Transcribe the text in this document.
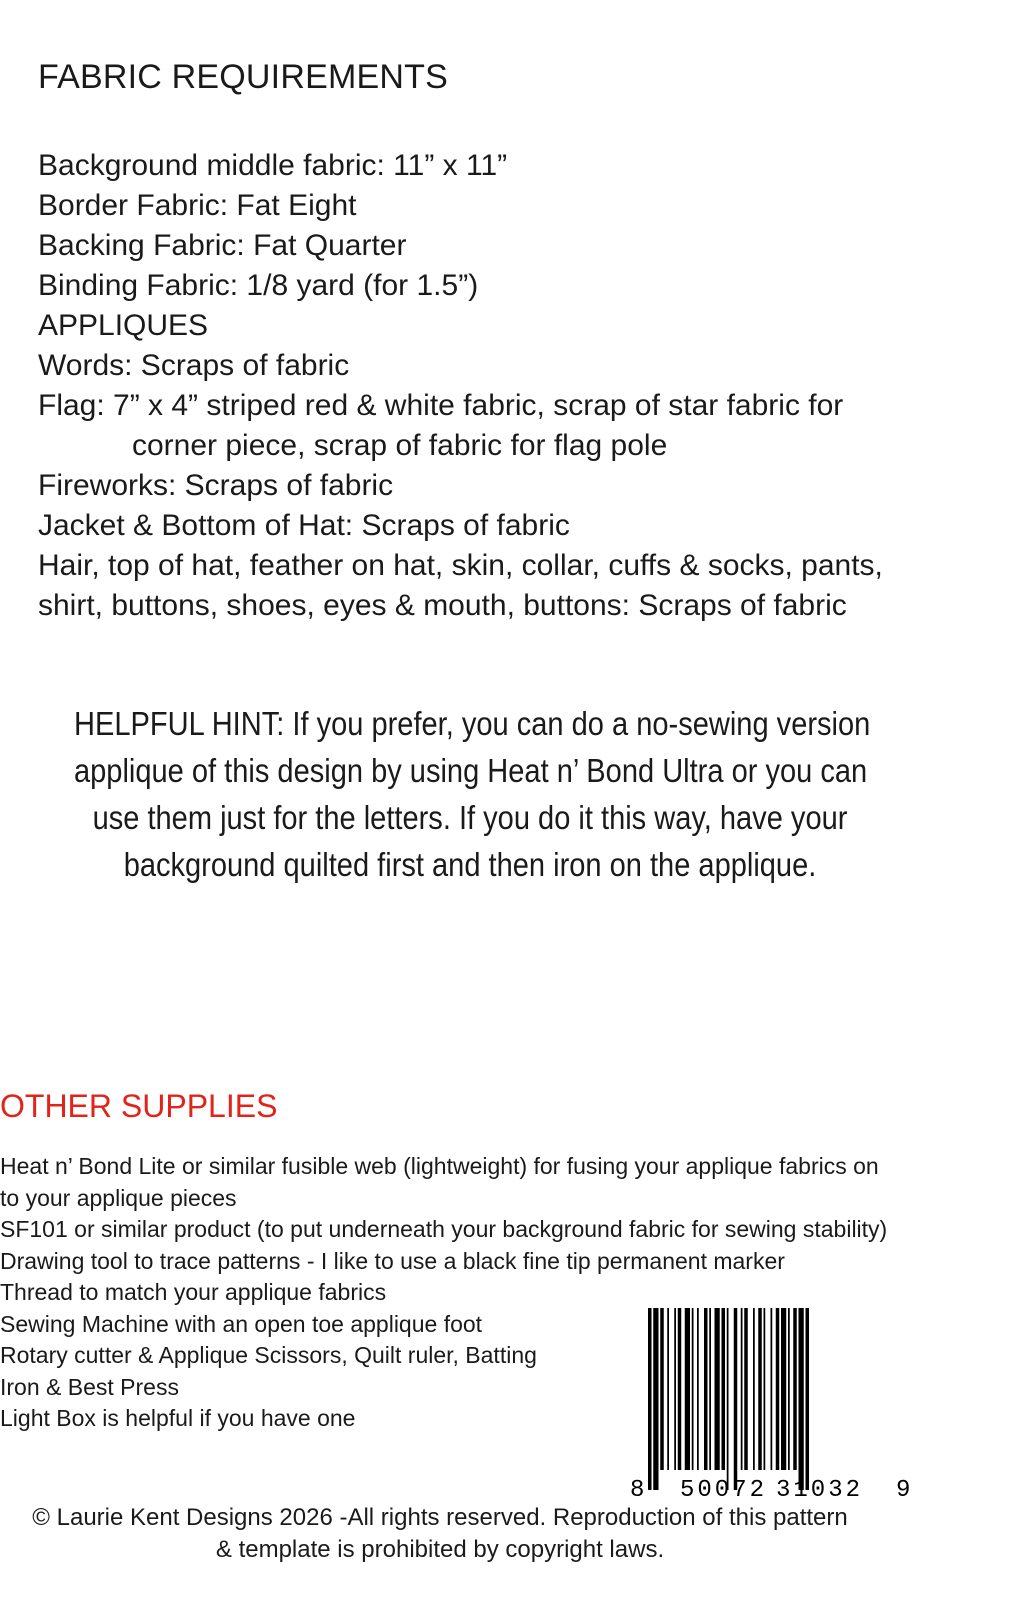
FABRIC REQUIREMENTS
Background middle fabric: 11” x 11”
Border Fabric: Fat Eight
Backing Fabric: Fat Quarter
Binding Fabric: 1/8 yard (for 1.5”)
APPLIQUES
Words: Scraps of fabric
Flag: 7” x 4” striped red & white fabric, scrap of star fabric for
corner piece, scrap of fabric for flag pole
Fireworks: Scraps of fabric
Jacket & Bottom of Hat: Scraps of fabric
Hair, top of hat, feather on hat, skin, collar, cuffs & socks, pants,
shirt, buttons, shoes, eyes & mouth, buttons: Scraps of fabric
HELPFUL HINT: If you prefer, you can do a no-sewing version
applique of this design by using Heat n’ Bond Ultra or you can
use them just for the letters. If you do it this way, have your
background quilted first and then iron on the applique.
OTHER SUPPLIES
Heat n’ Bond Lite or similar fusible web (lightweight) for fusing your applique fabrics on
to your applique pieces
SF101 or similar product (to put underneath your background fabric for sewing stability)
Drawing tool to trace patterns - I like to use a black fine tip permanent marker
Thread to match your applique fabrics
Sewing Machine with an open toe applique foot
Rotary cutter & Applique Scissors, Quilt ruler, Batting
Iron & Best Press
Light Box is helpful if you have one
8 50072 31032 9
© Laurie Kent Designs 2026 -All rights reserved. Reproduction of this pattern
& template is prohibited by copyright laws.
